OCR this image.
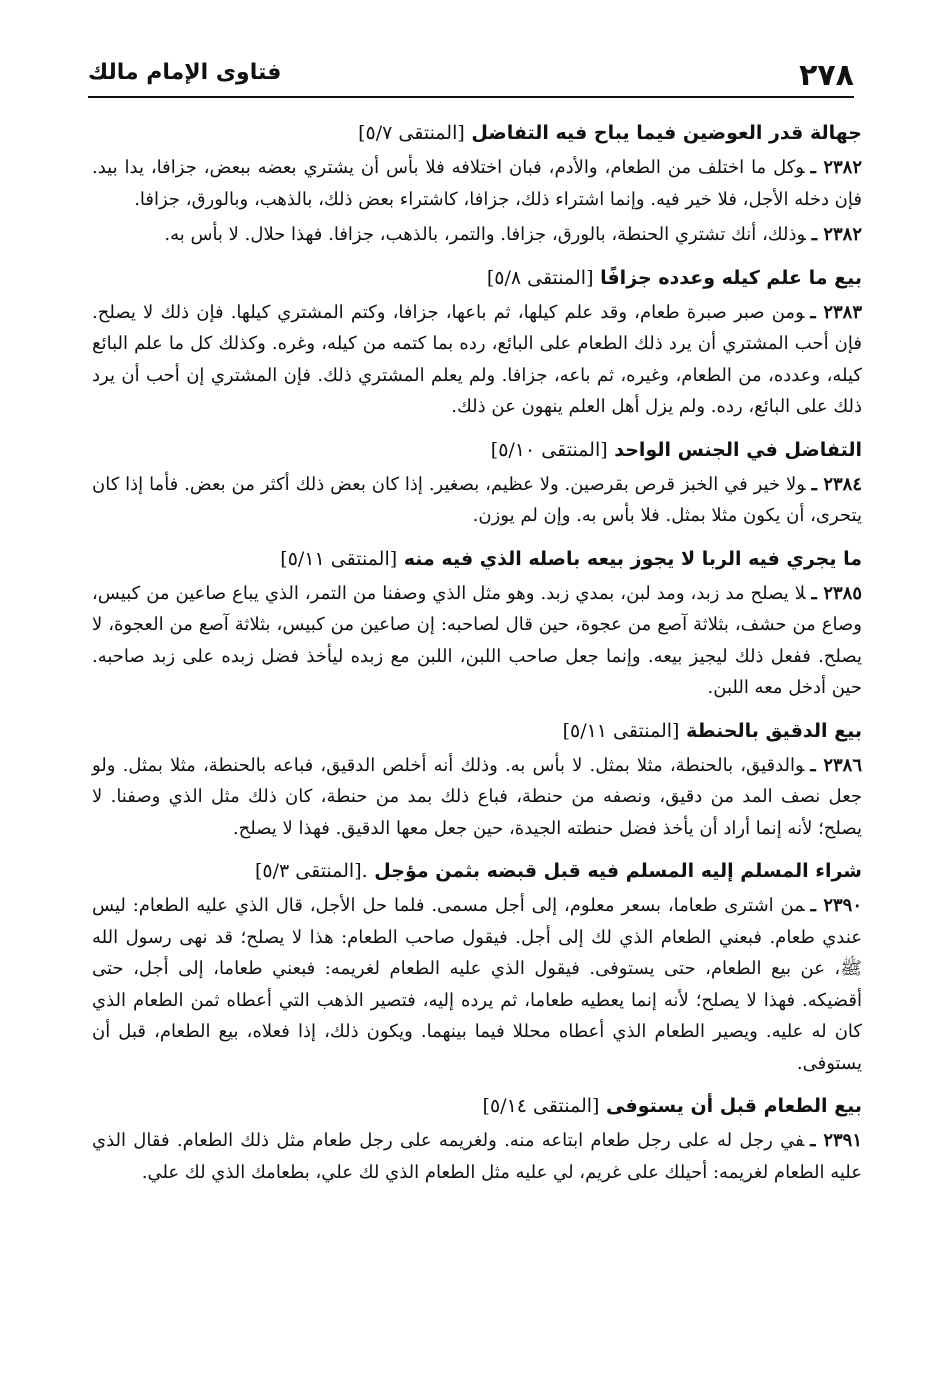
٢٧٨
فتاوى الإمام مالك
جهالة قدر العوضين فيما يباح فيه التفاضل [المنتقى ٥/٧]

٢٣٨٢ ـوكل ما اختلف من الطعام، والأدم، فبان اختلافه فلا بأس أن يشتري بعضه ببعض، جزافا، يدا بيد. فإن دخله الأجل، فلا خير فيه. وإنما اشتراء ذلك، جزافا، كاشتراء بعض ذلك، بالذهب، وبالورق، جزافا.

٢٣٨٢ ـوذلك، أنك تشتري الحنطة، بالورق، جزافا. والتمر، بالذهب، جزافا. فهذا حلال. لا بأس به.

بيع ما علم كيله وعدده جزافًا [المنتقى ٥/٨]

٢٣٨٣ ـومن صبر صبرة طعام، وقد علم كيلها، ثم باعها، جزافا، وكتم المشتري كيلها. فإن ذلك لا يصلح. فإن أحب المشتري أن يرد ذلك الطعام على البائع، رده بما كتمه من كيله، وغره. وكذلك كل ما علم البائع كيله، وعدده، من الطعام، وغيره، ثم باعه، جزافا. ولم يعلم المشتري ذلك. فإن المشتري إن أحب أن يرد ذلك على البائع، رده. ولم يزل أهل العلم ينهون عن ذلك.

التفاضل في الجنس الواحد [المنتقى ٥/١٠]

٢٣٨٤ ـولا خير في الخبز قرص بقرصين. ولا عظيم، بصغير. إذا كان بعض ذلك أكثر من بعض. فأما إذا كان يتحرى، أن يكون مثلا بمثل. فلا بأس به. وإن لم يوزن.

ما يجري فيه الربا لا يجوز بيعه باصله الذي فيه منه [المنتقى ٥/١١]

٢٣٨٥ ـلا يصلح مد زبد، ومد لبن، بمدي زبد. وهو مثل الذي وصفنا من التمر، الذي يباع صاعين من كبيس، وصاع من حشف، بثلاثة آصع من عجوة، حين قال لصاحبه: إن صاعين من كبيس، بثلاثة آصع من العجوة، لا يصلح. ففعل ذلك ليجيز بيعه. وإنما جعل صاحب اللبن، اللبن مع زبده ليأخذ فضل زبده على زبد صاحبه. حين أدخل معه اللبن.

بيع الدقيق بالحنطة [المنتقى ٥/١١]

٢٣٨٦ ـوالدقيق، بالحنطة، مثلا بمثل. لا بأس به. وذلك أنه أخلص الدقيق، فباعه بالحنطة، مثلا بمثل. ولو جعل نصف المد من دقيق، ونصفه من حنطة، فباع ذلك بمد من حنطة، كان ذلك مثل الذي وصفنا. لا يصلح؛ لأنه إنما أراد أن يأخذ فضل حنطته الجيدة، حين جعل معها الدقيق. فهذا لا يصلح.

شراء المسلم إليه المسلم فيه قبل قبضه بثمن مؤجل .[المنتقى ٥/٣]

٢٣٩٠ ـمن اشترى طعاما، بسعر معلوم، إلى أجل مسمى. فلما حل الأجل، قال الذي عليه الطعام: ليس عندي طعام. فبعني الطعام الذي لك إلى أجل. فيقول صاحب الطعام: هذا لا يصلح؛ قد نهى رسول الله ﷺ، عن بيع الطعام، حتى يستوفى. فيقول الذي عليه الطعام لغريمه: فبعني طعاما، إلى أجل، حتى أقضيكه. فهذا لا يصلح؛ لأنه إنما يعطيه طعاما، ثم يرده إليه، فتصير الذهب التي أعطاه ثمن الطعام الذي كان له عليه. ويصير الطعام الذي أعطاه محللا فيما بينهما. ويكون ذلك، إذا فعلاه، بيع الطعام، قبل أن يستوفى.

بيع الطعام قبل أن يستوفى [المنتقى ٥/١٤]

٢٣٩١ ـفي رجل له على رجل طعام ابتاعه منه. ولغريمه على رجل طعام مثل ذلك الطعام. فقال الذي عليه الطعام لغريمه: أحيلك على غريم، لي عليه مثل الطعام الذي لك علي، بطعامك الذي لك علي.
